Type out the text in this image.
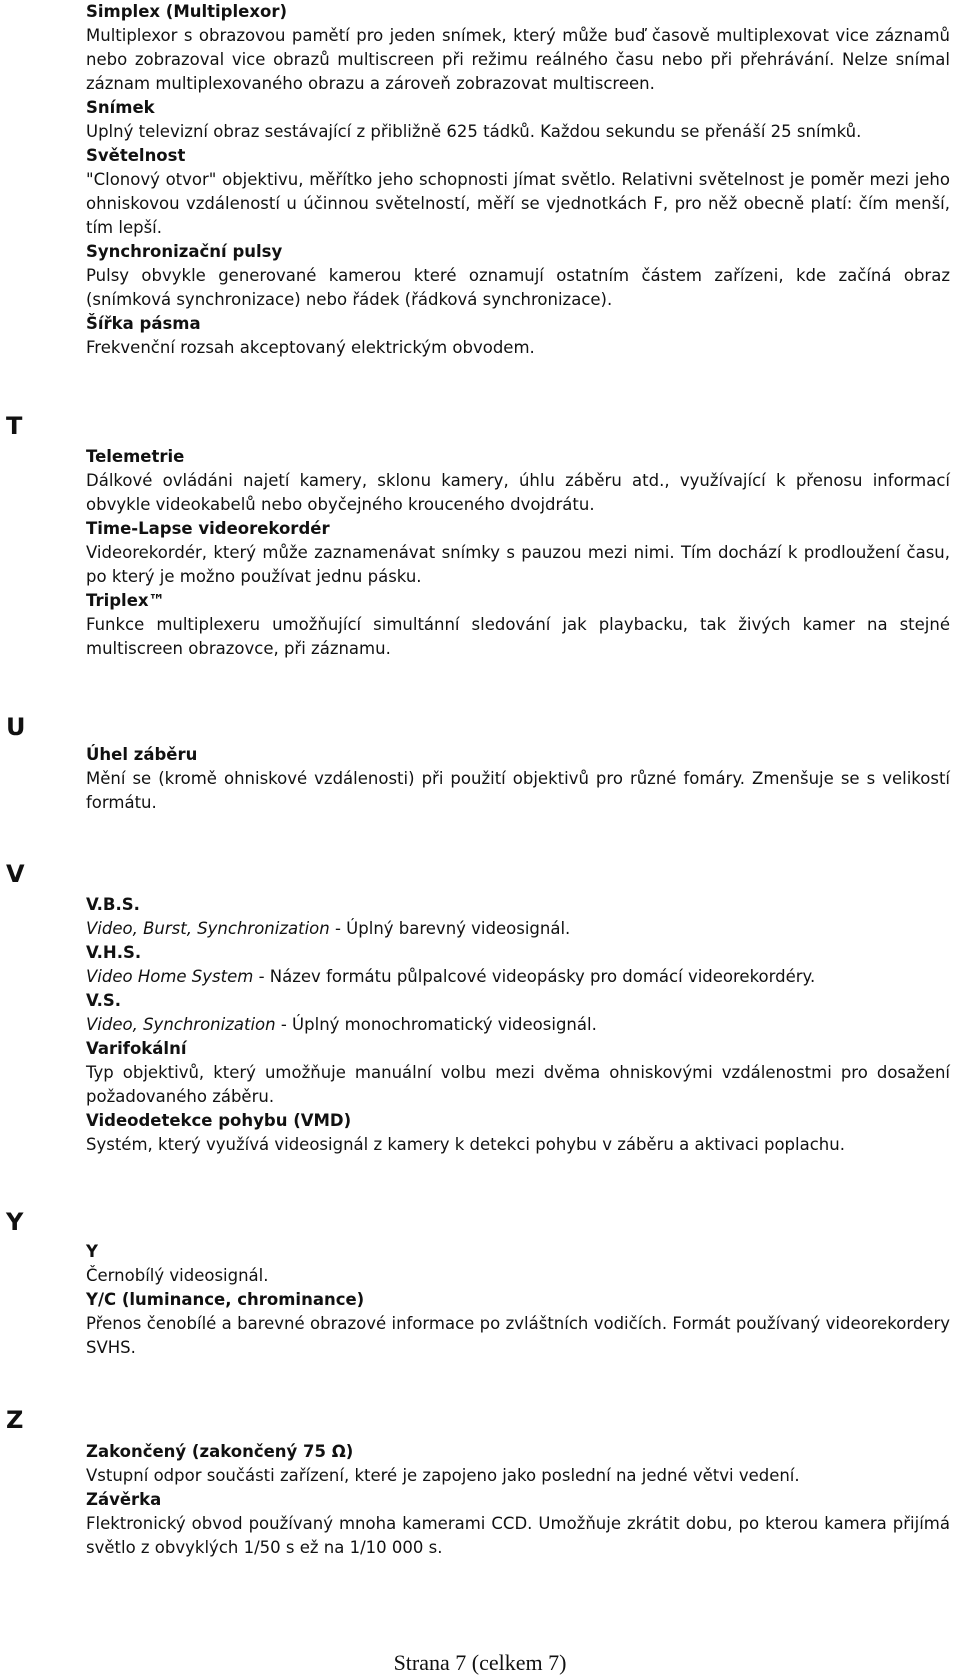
Simplex (Multiplexor)
Multiplexor s obrazovou pamětí pro jeden snímek, který může buď časově multiplexovat vice záznamů nebo zobrazoval vice obrazů multiscreen při režimu reálného času nebo při přehrávání. Nelze snímal záznam multiplexovaného obrazu a zároveň zobrazovat multiscreen.
Snímek
Uplný televizní obraz sestávající z přibližně 625 tádků. Každou sekundu se přenáší 25 snímků.
Světelnost
"Clonový otvor" objektivu, měřítko jeho schopnosti jímat světlo. Relativni světelnost je poměr mezi jeho ohniskovou vzdáleností u účinnou světelností, měří se vjednotkách F, pro něž obecně platí: čím menší, tím lepší.
Synchronizační pulsy
Pulsy obvykle generované kamerou které oznamují ostatním částem zařízeni, kde začíná obraz (snímková synchronizace) nebo řádek (řádková synchronizace).
Šířka pásma
Frekvenční rozsah akceptovaný elektrickým obvodem.
T
Telemetrie
Dálkové ovládáni najetí kamery, sklonu kamery, úhlu záběru atd., využívající k přenosu informací obvykle videokabelů nebo obyčejného krouceného dvojdrátu.
Time-Lapse videorekordér
Videorekordér, který může zaznamenávat snímky s pauzou mezi nimi. Tím dochází k prodloužení času, po který je možno používat jednu pásku.
Triplex™
Funkce multiplexeru umožňující simultánní sledování jak playbacku, tak živých kamer na stejné multiscreen obrazovce, při záznamu.
U
Úhel záběru
Mění se (kromě ohniskové vzdálenosti) při použití objektivů pro různé fomáry. Zmenšuje se s velikostí formátu.
V
V.B.S.
Video, Burst, Synchronization - Úplný barevný videosignál.
V.H.S.
Video Home System - Název formátu půlpalcové videopásky pro domácí videorekordéry.
V.S.
Video, Synchronization - Úplný monochromatický videosignál.
Varifokální
Typ objektivů, který umožňuje manuální volbu mezi dvěma ohniskovými vzdálenostmi pro dosažení požadovaného záběru.
Videodetekce pohybu (VMD)
Systém, který využívá videosignál z kamery k detekci pohybu v záběru a aktivaci poplachu.
Y
Y
Černobílý videosignál.
Y/C (luminance, chrominance)
Přenos čenobílé a barevné obrazové informace po zvláštních vodičích. Formát používaný videorekordery SVHS.
Z
Zakončený (zakončený 75 Ω)
Vstupní odpor součásti zařízení, které je zapojeno jako poslední na jedné větvi vedení.
Závěrka
Flektronický obvod používaný mnoha kamerami CCD. Umožňuje zkrátit dobu, po kterou kamera přijímá světlo z obvyklých 1/50 s ež na 1/10 000 s.
Strana 7 (celkem 7)
